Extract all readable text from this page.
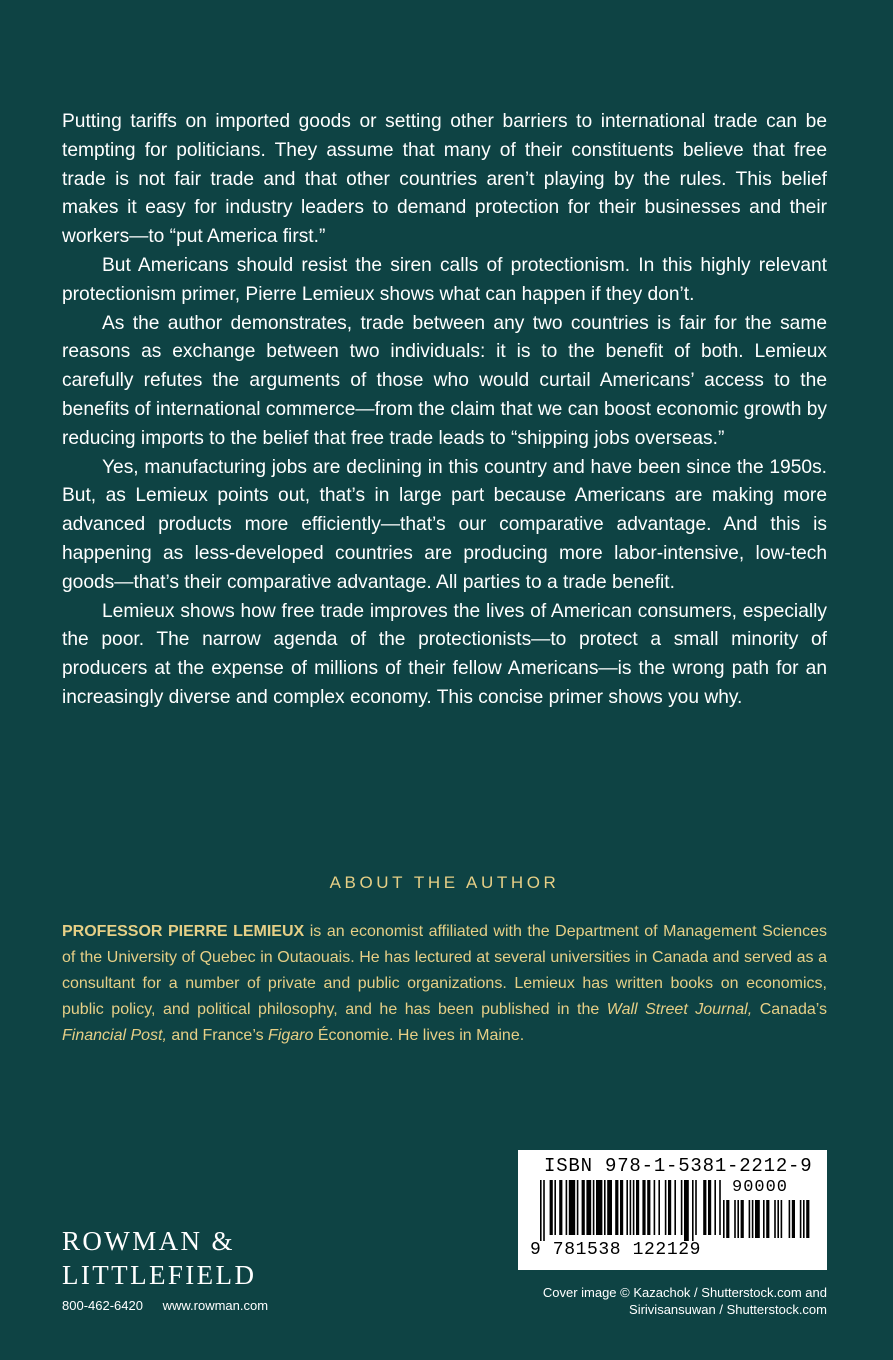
Putting tariffs on imported goods or setting other barriers to international trade can be tempting for politicians. They assume that many of their constituents believe that free trade is not fair trade and that other countries aren’t playing by the rules. This belief makes it easy for industry leaders to demand protection for their businesses and their workers—to “put America first.”

But Americans should resist the siren calls of protectionism. In this highly relevant protectionism primer, Pierre Lemieux shows what can happen if they don’t.

As the author demonstrates, trade between any two countries is fair for the same reasons as exchange between two individuals: it is to the benefit of both. Lemieux carefully refutes the arguments of those who would curtail Americans’ access to the benefits of international commerce—from the claim that we can boost economic growth by reducing imports to the belief that free trade leads to “shipping jobs overseas.”

Yes, manufacturing jobs are declining in this country and have been since the 1950s. But, as Lemieux points out, that’s in large part because Americans are making more advanced products more efficiently—that’s our comparative advantage. And this is happening as less-developed countries are producing more labor-intensive, low-tech goods—that’s their comparative advantage. All parties to a trade benefit.

Lemieux shows how free trade improves the lives of American consumers, especially the poor. The narrow agenda of the protectionists—to protect a small minority of producers at the expense of millions of their fellow Americans—is the wrong path for an increasingly diverse and complex economy. This concise primer shows you why.

ABOUT THE AUTHOR
PROFESSOR PIERRE LEMIEUX is an economist affiliated with the Department of Management Sciences of the University of Quebec in Outaouais. He has lectured at several universities in Canada and served as a consultant for a number of private and public organizations. Lemieux has written books on economics, public policy, and political philosophy, and he has been published in the Wall Street Journal, Canada’s Financial Post, and France’s Figaro Économie. He lives in Maine.
ROWMAN &
LITTLEFIELD
800-462-6420 www.rowman.com
ISBN 978-1-5381-2212-9
90000
9 781538 122129
Cover image © Kazachok / Shutterstock.com and
Sirivisansuwan / Shutterstock.com
